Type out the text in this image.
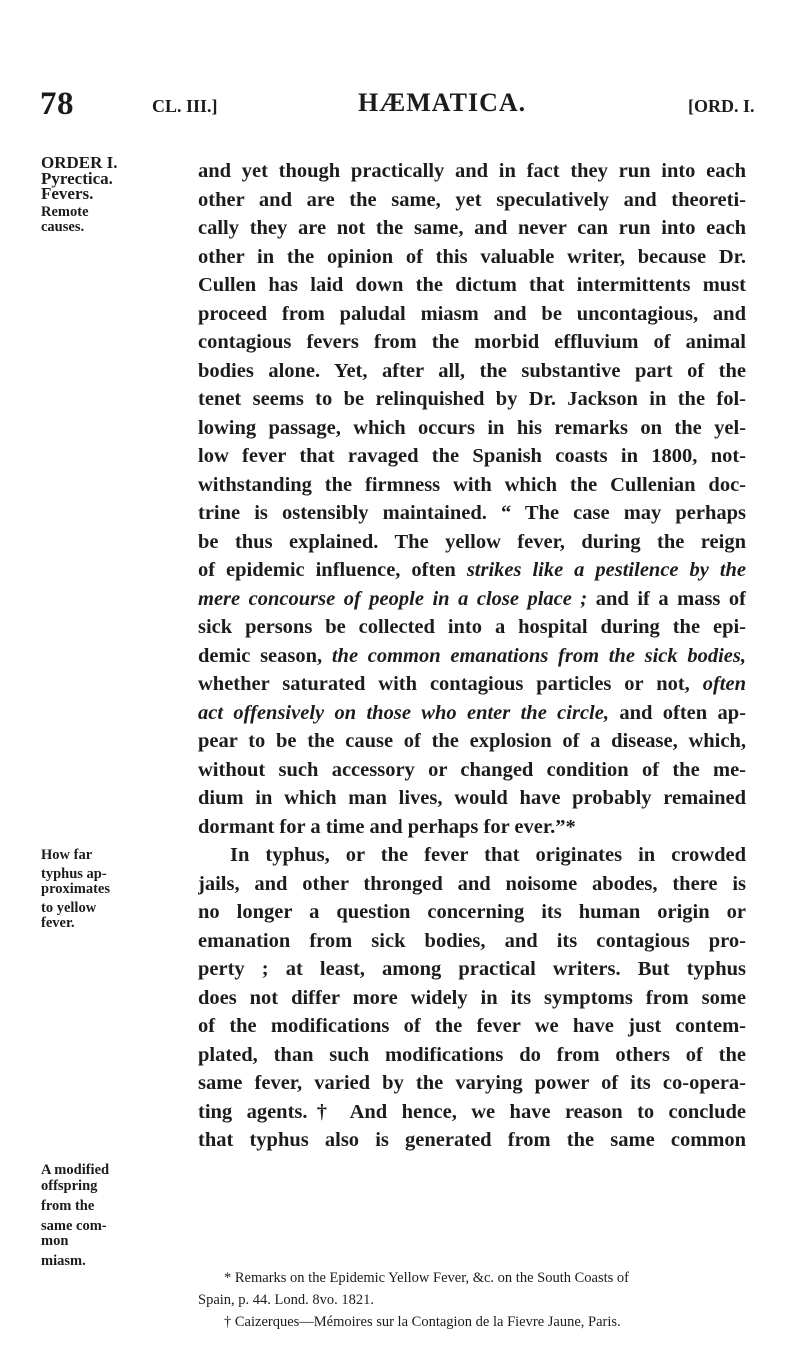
78	CL. III.]	HÆMATICA.	[ORD. I.
ORDER I.
Pyrectica.
Fevers.
Remote
causes.
How far
typhus ap-
proximates
to yellow
fever.
A modified
offspring
from the
same com-
mon
miasm.
and yet though practically and in fact they run into each
other and are the same, yet speculatively and theoreti-
cally they are not the same, and never can run into each
other in the opinion of this valuable writer, because Dr.
Cullen has laid down the dictum that intermittents must
proceed from paludal miasm and be uncontagious, and
contagious fevers from the morbid effluvium of animal
bodies alone. Yet, after all, the substantive part of the
tenet seems to be relinquished by Dr. Jackson in the fol-
lowing passage, which occurs in his remarks on the yel-
low fever that ravaged the Spanish coasts in 1800, not-
withstanding the firmness with which the Cullenian doc-
trine is ostensibly maintained. “ The case may perhaps
be thus explained. The yellow fever, during the reign
of epidemic influence, often strikes like a pestilence by the
mere concourse of people in a close place ; and if a mass of
sick persons be collected into a hospital during the epi-
demic season, the common emanations from the sick bodies,
whether saturated with contagious particles or not, often
act offensively on those who enter the circle, and often ap-
pear to be the cause of the explosion of a disease, which,
without such accessory or changed condition of the me-
dium in which man lives, would have probably remained
dormant for a time and perhaps for ever.”*
In typhus, or the fever that originates in crowded
jails, and other thronged and noisome abodes, there is
no longer a question concerning its human origin or
emanation from sick bodies, and its contagious pro-
perty ; at least, among practical writers. But typhus
does not differ more widely in its symptoms from some
of the modifications of the fever we have just contem-
plated, than such modifications do from others of the
same fever, varied by the varying power of its co-opera-
ting agents.† And hence, we have reason to conclude
that typhus also is generated from the same common
* Remarks on the Epidemic Yellow Fever, &c. on the South Coasts of
Spain, p. 44. Lond. 8vo. 1821.
† Caizerques—Mémoires sur la Contagion de la Fievre Jaune, Paris.
